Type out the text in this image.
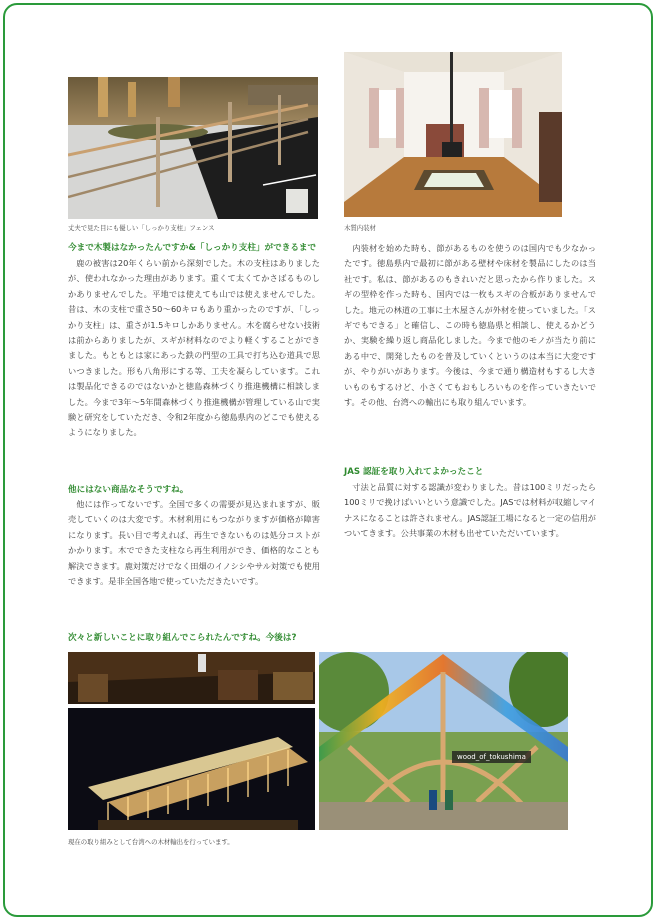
丈夫で見た目にも優しい「しっかり支柱」フェンス	木質内装材
今まで木製はなかったんですか&「しっかり支柱」ができるまで

鹿の被害は20年くらい前から深刻でした。木の支柱はありましたが、使われなかった理由があります。重くて太くてかさばるものしかありませんでした。平地では使えても山では使えませんでした。昔は、木の支柱で重さ50〜60キロもあり重かったのですが、「しっかり支柱」は、重さが1.5キロしかありません。木を腐らせない技術は前からありましたが、スギが材料なのでより軽くすることができました。もともとは家にあった鉄の門型の工具で打ち込む道具で思いつきました。形も八角形にする等、工夫を凝らしています。これは製品化できるのではないかと徳島森林づくり推進機構に相談しました。今まで3年〜5年間森林づくり推進機構が管理している山で実験と研究をしていただき、令和2年度から徳島県内のどこでも使えるようになりました。

他にはない商品なそうですね。

他には作ってないです。全国で多くの需要が見込まれますが、販売していくのは大変です。木材利用にもつながりますが価格が障害になります。長い目で考えれば、再生できないものは処分コストがかかります。木でできた支柱なら再生利用ができ、価格的なことも解決できます。鹿対策だけでなく田畑のイノシシやサル対策でも使用できます。是非全国各地で使っていただきたいです。

内装材を始めた時も、節があるものを使うのは国内でも少なかったです。徳島県内で最初に節がある壁材や床材を製品にしたのは当社です。私は、節があるのもきれいだと思ったから作りました。スギの型枠を作った時も、国内では一枚もスギの合板がありませんでした。地元の林道の工事に土木屋さんが外材を使っていました。「スギでもできる」と確信し、この時も徳島県と相談し、使えるかどうか、実験を繰り返し商品化しました。今まで他のモノが当たり前にある中で、開発したものを普及していくというのは本当に大変ですが、やりがいがあります。今後は、今まで通り構造材もするし大きいものもするけど、小さくてもおもしろいものを作っていきたいです。その他、台湾への輸出にも取り組んでいます。

JAS 認証を取り入れてよかったこと

寸法と品質に対する認識が変わりました。昔は100ミリだったら100ミリで挽けばいいという意識でした。JASでは材料が収縮しマイナスになることは許されません。JAS認証工場になると一定の信用がついてきます。公共事業の木材も出せていただいています。

次々と新しいことに取り組んでこられたんですね。今後は?
現在の取り組みとして台湾への木材輸出を行っています。
wood_of_tokushima
